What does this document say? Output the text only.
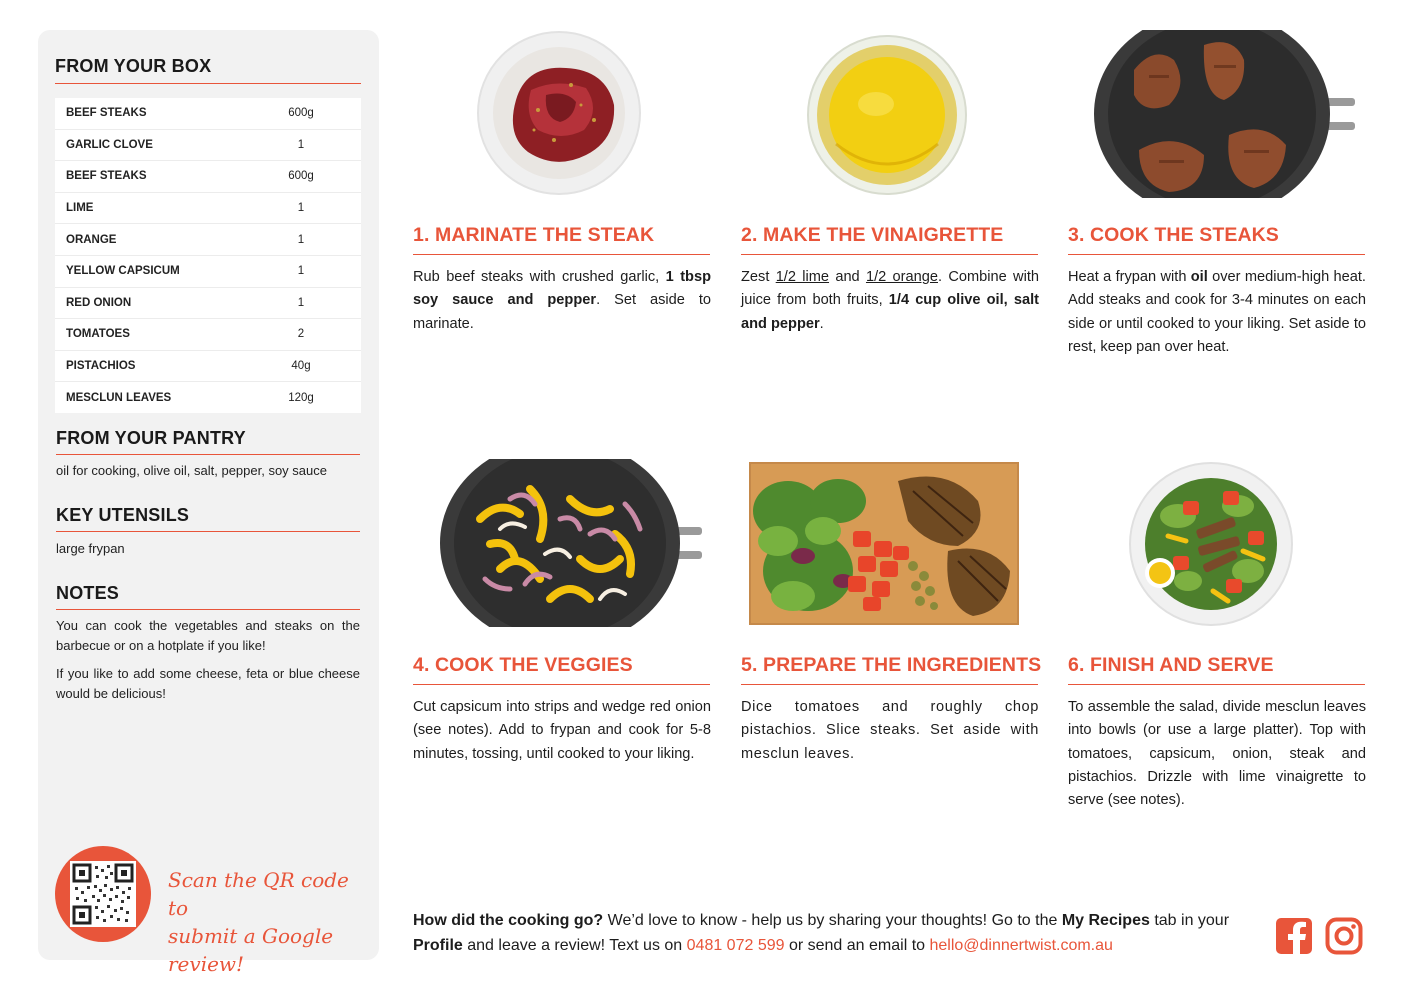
FROM YOUR BOX
BEEF STEAKS	600g
GARLIC CLOVE	1
BEEF STEAKS	600g
LIME	1
ORANGE	1
YELLOW CAPSICUM	1
RED ONION	1
TOMATOES	2
PISTACHIOS	40g
MESCLUN LEAVES	120g
FROM YOUR PANTRY
oil for cooking, olive oil, salt, pepper, soy sauce
KEY UTENSILS
large frypan
NOTES

You can cook the vegetables and steaks on the barbecue or on a hotplate if you like!

If you like to add some cheese, feta or blue cheese would be delicious!

Scan the QR code to
submit a Google review!
1. MARINATE THE STEAK	2. MAKE THE VINAIGRETTE	3. COOK THE STEAKS
4. COOK THE VEGGIES	5. PREPARE THE INGREDIENTS 6. FINISH AND SERVE
Rub beef steaks with crushed garlic, 1 tbsp soy sauce and pepper. Set aside to marinate.
Zest 1/2 lime and 1/2 orange. Combine with juice from both fruits, 1/4 cup olive oil, salt and pepper.
Heat a frypan with oil over medium-high heat. Add steaks and cook for 3-4 minutes on each side or until cooked to your liking. Set aside to rest, keep pan over heat.
Cut capsicum into strips and wedge red onion (see notes). Add to frypan and cook for 5-8 minutes, tossing, until cooked to your liking.
Dice tomatoes and roughly chop pistachios. Slice steaks. Set aside with mesclun leaves.
To assemble the salad, divide mesclun leaves into bowls (or use a large platter). Top with tomatoes, capsicum, onion, steak and pistachios. Drizzle with lime vinaigrette to serve (see notes).
How did the cooking go? We’d love to know - help us by sharing your thoughts! Go to the My Recipes tab in your Profile and leave a review! Text us on 0481 072 599 or send an email to hello@dinnertwist.com.au
